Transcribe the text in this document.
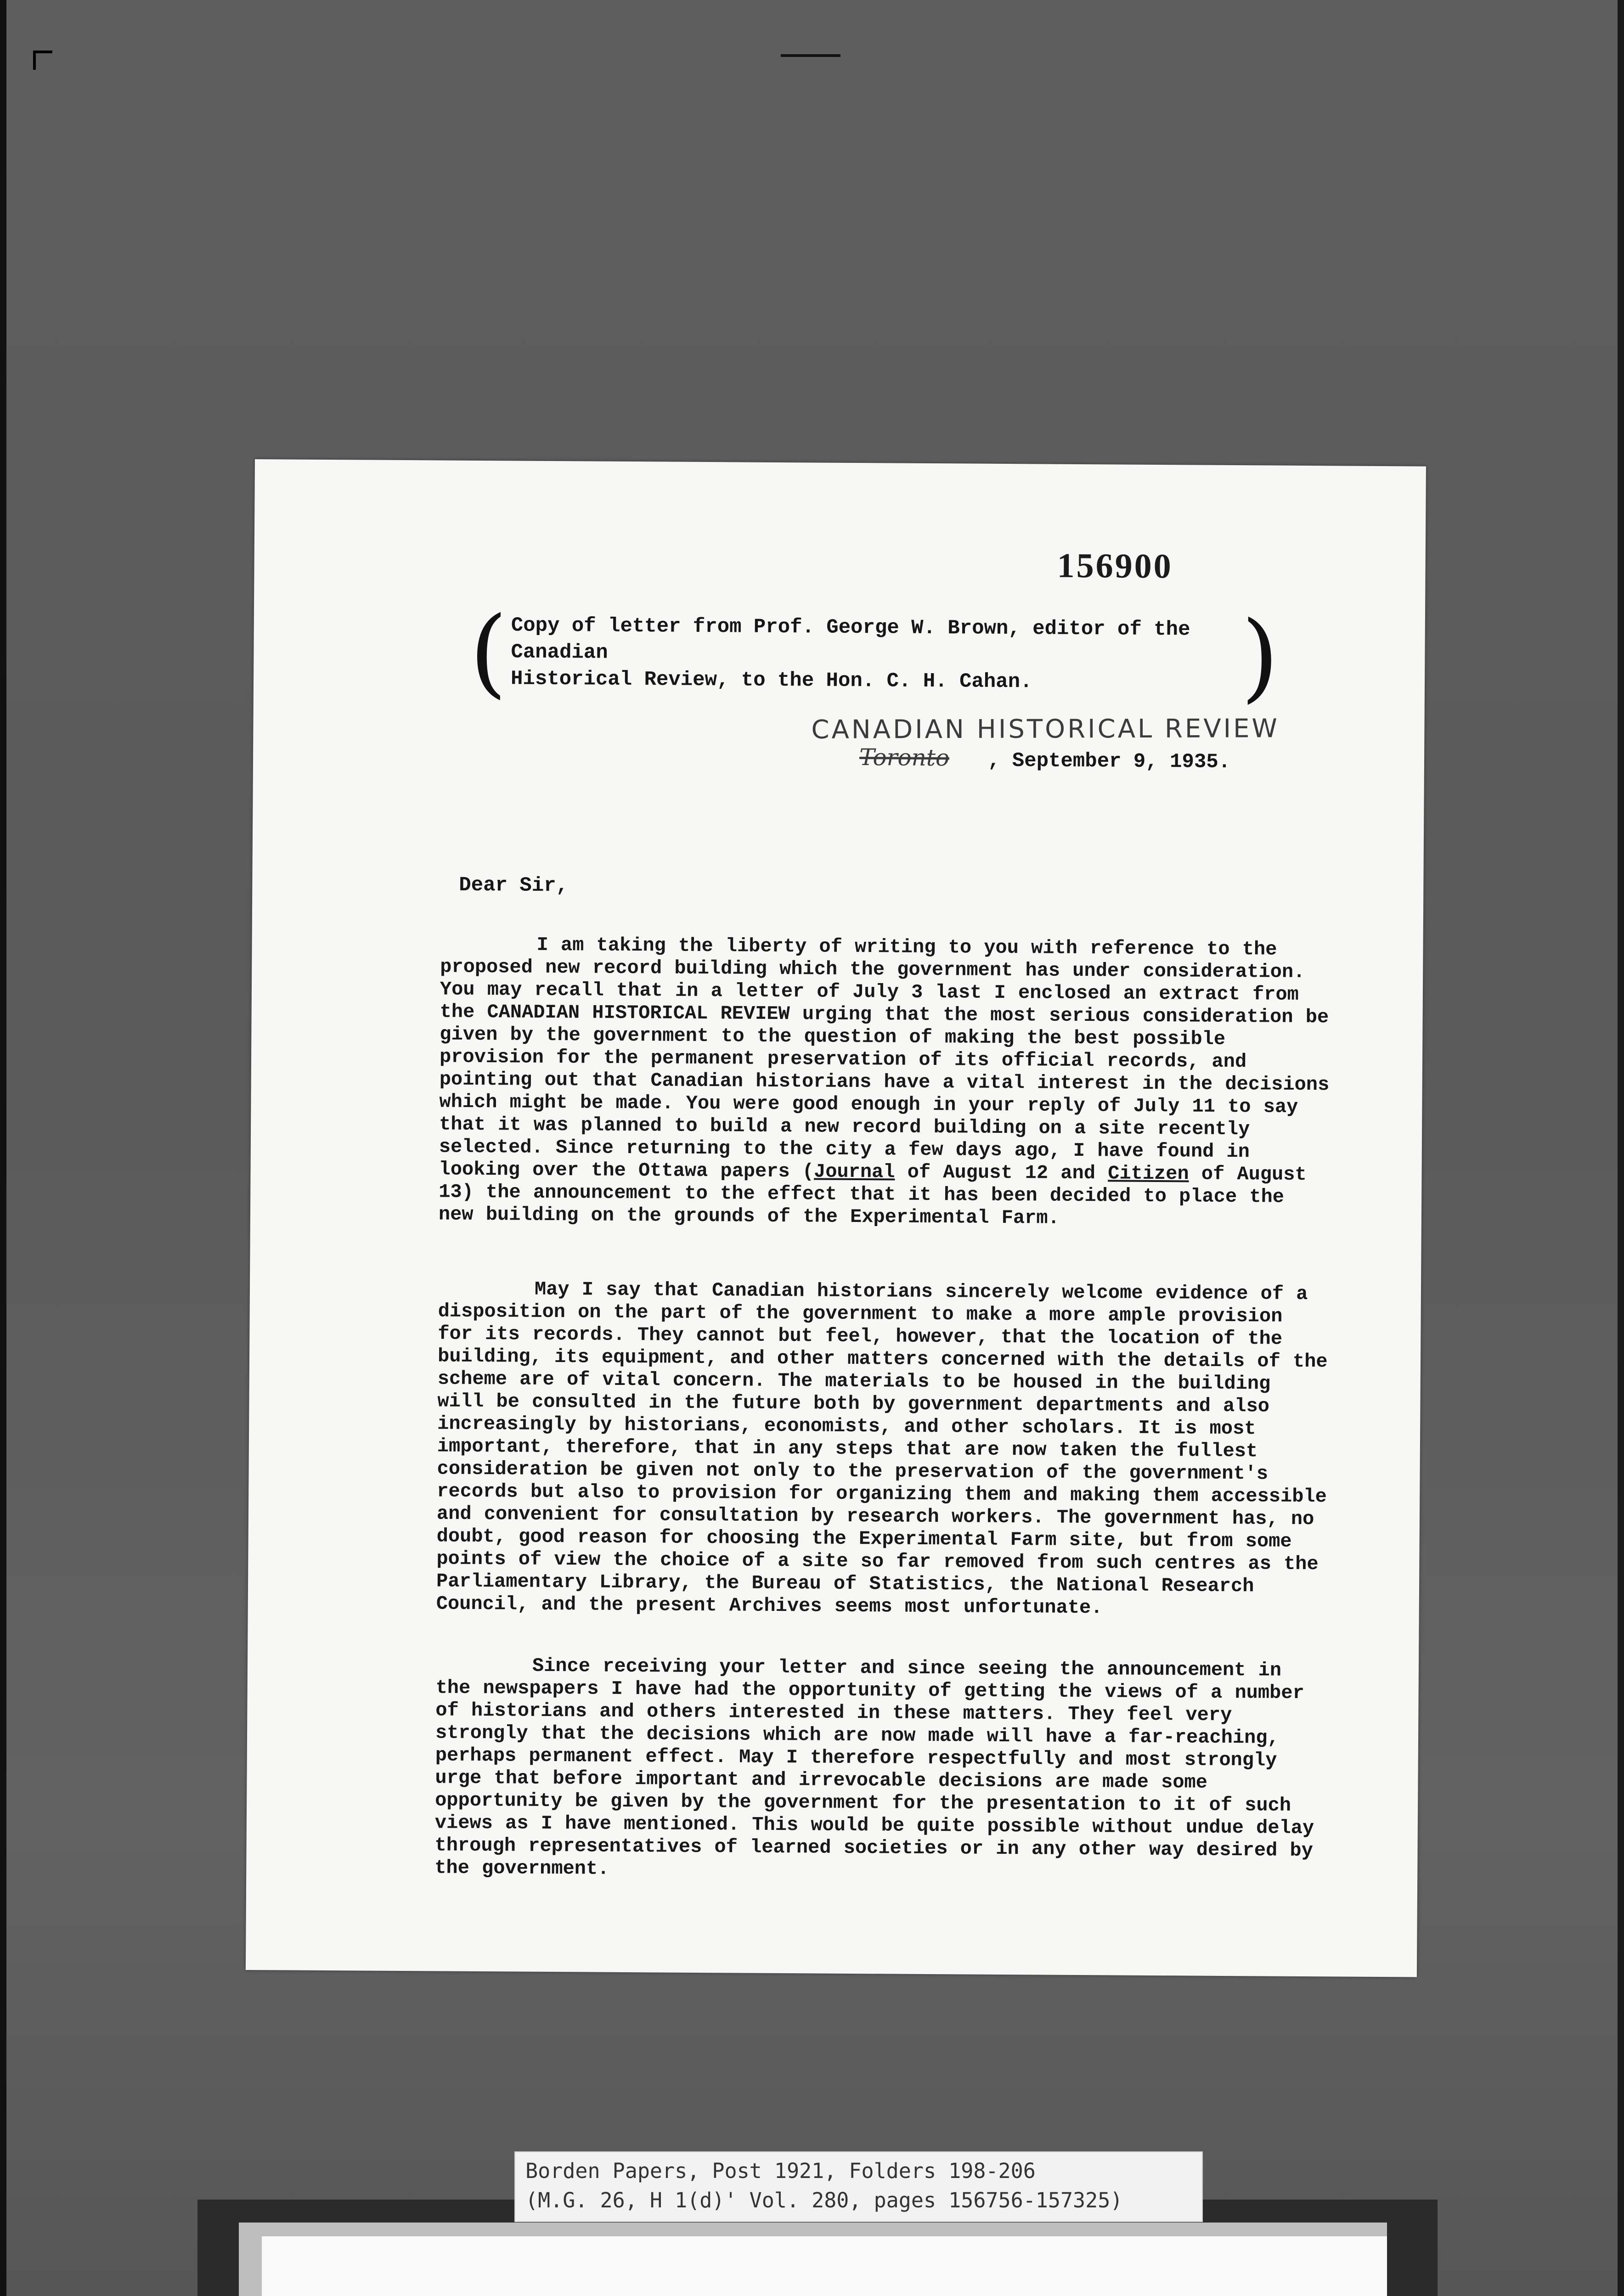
156900
(	)
Copy of letter from Prof. George W. Brown, editor of the Canadian
Historical Review, to the Hon. C. H. Cahan.
CANADIAN HISTORICAL REVIEW
Toronto , September 9, 1935.
Dear Sir,
I am taking the liberty of writing to you with reference to the proposed new record building which the government has under consideration. You may recall that in a letter of July 3 last I enclosed an extract from the CANADIAN HISTORICAL REVIEW urging that the most serious consideration be given by the government to the question of making the best possible provision for the permanent preservation of its official records, and pointing out that Canadian historians have a vital interest in the decisions which might be made. You were good enough in your reply of July 11 to say that it was planned to build a new record building on a site recently selected. Since returning to the city a few days ago, I have found in looking over the Ottawa papers (Journal of August 12 and Citizen of August 13) the announcement to the effect that it has been decided to place the new building on the grounds of the Experimental Farm.
May I say that Canadian historians sincerely welcome evidence of a disposition on the part of the government to make a more ample provision for its records. They cannot but feel, however, that the location of the building, its equipment, and other matters concerned with the details of the scheme are of vital concern. The materials to be housed in the building will be consulted in the future both by government departments and also increasingly by historians, economists, and other scholars. It is most important, therefore, that in any steps that are now taken the fullest consideration be given not only to the preservation of the government's records but also to provision for organizing them and making them accessible and convenient for consultation by research workers. The government has, no doubt, good reason for choosing the Experimental Farm site, but from some points of view the choice of a site so far removed from such centres as the Parliamentary Library, the Bureau of Statistics, the National Research Council, and the present Archives seems most unfortunate.
Since receiving your letter and since seeing the announcement in the newspapers I have had the opportunity of getting the views of a number of historians and others interested in these matters. They feel very strongly that the decisions which are now made will have a far-reaching, perhaps permanent effect. May I therefore respectfully and most strongly urge that before important and irrevocable decisions are made some opportunity be given by the government for the presentation to it of such views as I have mentioned. This would be quite possible without undue delay through representatives of learned societies or in any other way desired by the government.
Borden Papers, Post 1921, Folders 198-206
(M.G. 26, H 1(d)' Vol. 280, pages 156756-157325)
